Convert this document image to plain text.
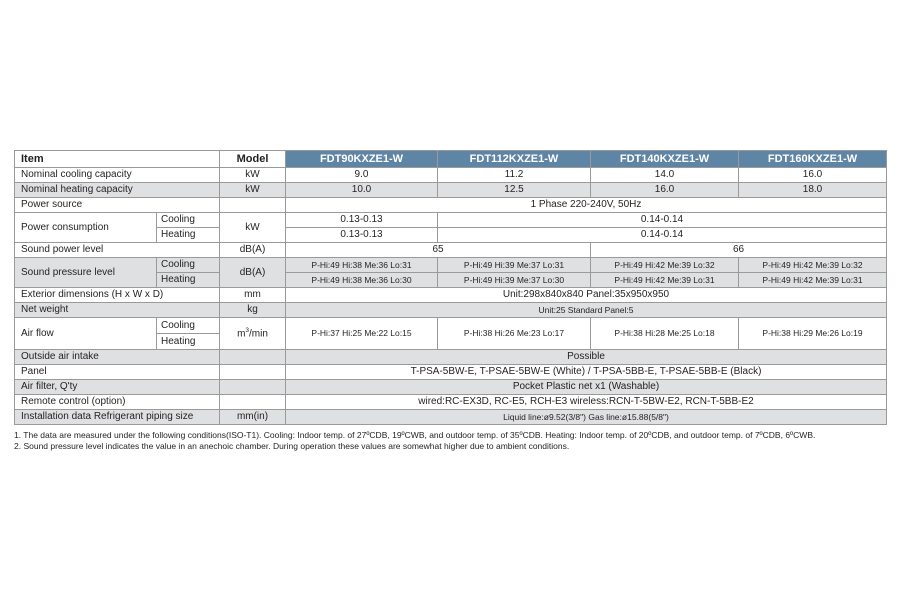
Item		Model	FDT90KXZE1-W	FDT112KXZE1-W	FDT140KXZE1-W	FDT160KXZE1-W
Nominal cooling capacity		kW	9.0	11.2	14.0	16.0
Nominal heating capacity		kW	10.0	12.5	16.0	18.0
Power source			1 Phase 220-240V, 50Hz			
Power consumption	Cooling	kW	0.13-0.13	0.14-0.14		
	Heating		0.13-0.13	0.14-0.14		
Sound power level		dB(A)	65		66	
Sound pressure level	Cooling	dB(A)	P-Hi:49 Hi:38 Me:36 Lo:31	P-Hi:49 Hi:39 Me:37 Lo:31	P-Hi:49 Hi:42 Me:39 Lo:32	P-Hi:49 Hi:42 Me:39 Lo:32
	Heating		P-Hi:49 Hi:38 Me:36 Lo:30	P-Hi:49 Hi:39 Me:37 Lo:30	P-Hi:49 Hi:42 Me:39 Lo:31	P-Hi:49 Hi:42 Me:39 Lo:31
Exterior dimensions (H x W x D)		mm	Unit:298x840x840 Panel:35x950x950			
Net weight		kg	Unit:25 Standard Panel:5			
Air flow	Cooling	$m^3/\min$	P-Hi:37 Hi:25 Me:22 Lo:15	P-Hi:38 Hi:26 Me:23 Lo:17	P-Hi:38 Hi:28 Me:25 Lo:18	P-Hi:38 Hi:29 Me:26 Lo:19
	Heating					
Outside air intake			Possible			
Panel			T-PSA-5BW-E, T-PSAE-5BW-E (White) / T-PSA-5BB-E, T-PSAE-5BB-E (Black)			
Air filter, Q'ty			Pocket Plastic net x1 (Washable)			
Remote control (option)			wired:RC-EX3D, RC-E5, RCH-E3 wireless:RCN-T-5BW-E2, RCN-T-5BB-E2			
Installation data Refrigerant piping size		mm(in)	Liquid line:ø9.52(3/8") Gas line:ø15.88(5/8")			
1. The data are measured under the following conditions(ISO-T1). Cooling: Indoor temp. of 27ºCDB, 19ºCWB, and outdoor temp. of 35ºCDB. Heating: Indoor temp. of 20ºCDB, and outdoor temp. of 7ºCDB, 6ºCWB.
2. Sound pressure level indicates the value in an anechoic chamber. During operation these values are somewhat higher due to ambient conditions.
